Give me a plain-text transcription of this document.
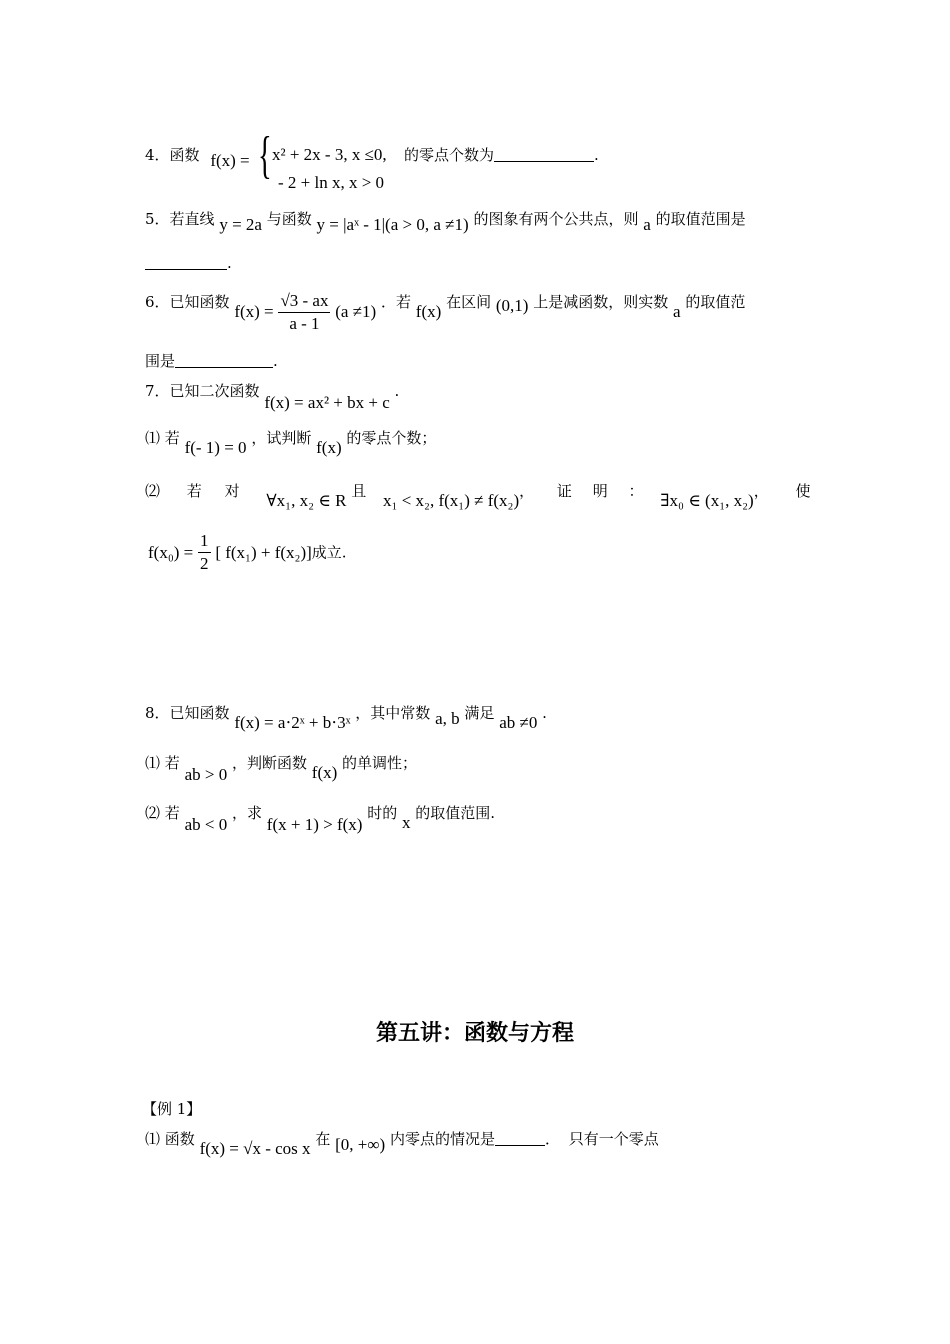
4．函数 f(x) = { x² + 2x - 3, x ≤0,
- 2 + ln x, x > 0
的零点个数为	.
5．若直线 y = 2a 与函数 y = |aˣ - 1|(a > 0, a ≠1) 的图象有两个公共点，则 a 的取值范围是
.
6．已知函数 $f(x) = \frac{√3 - ax}{a - 1} (a \ne 1)$ ．若 f(x) 在区间 (0,1) 上是减函数，则实数 a 的取值范
围是	.
7．已知二次函数 f(x) = ax² + bx + c .
⑴ 若 f(- 1) = 0 ，试判断 f(x) 的零点个数；
⑵ 若 对 ∀x₁, x₂ ∈ R 且 x₁ < x₂, f(x₁) ≠ f(x₂)， 证 明 ： ∃x₀ ∈ (x₁, x₂)， 使
$f(x_0) = \frac{1}{2}$ [ f(x₁) + f(x₂)]成立.
8．已知函数 f(x) = a⋅2ˣ + b⋅3ˣ ，其中常数 a, b 满足 ab ≠0 .
⑴ 若 ab > 0 ，判断函数 f(x) 的单调性；
⑵ 若 ab < 0 ，求 f(x + 1) > f(x) 时的 x 的取值范围.
第五讲：函数与方程
【例 1】
⑴ 函数 f(x) = √x - cos x 在 [0, +∞) 内零点的情况是	． 只有一个零点
